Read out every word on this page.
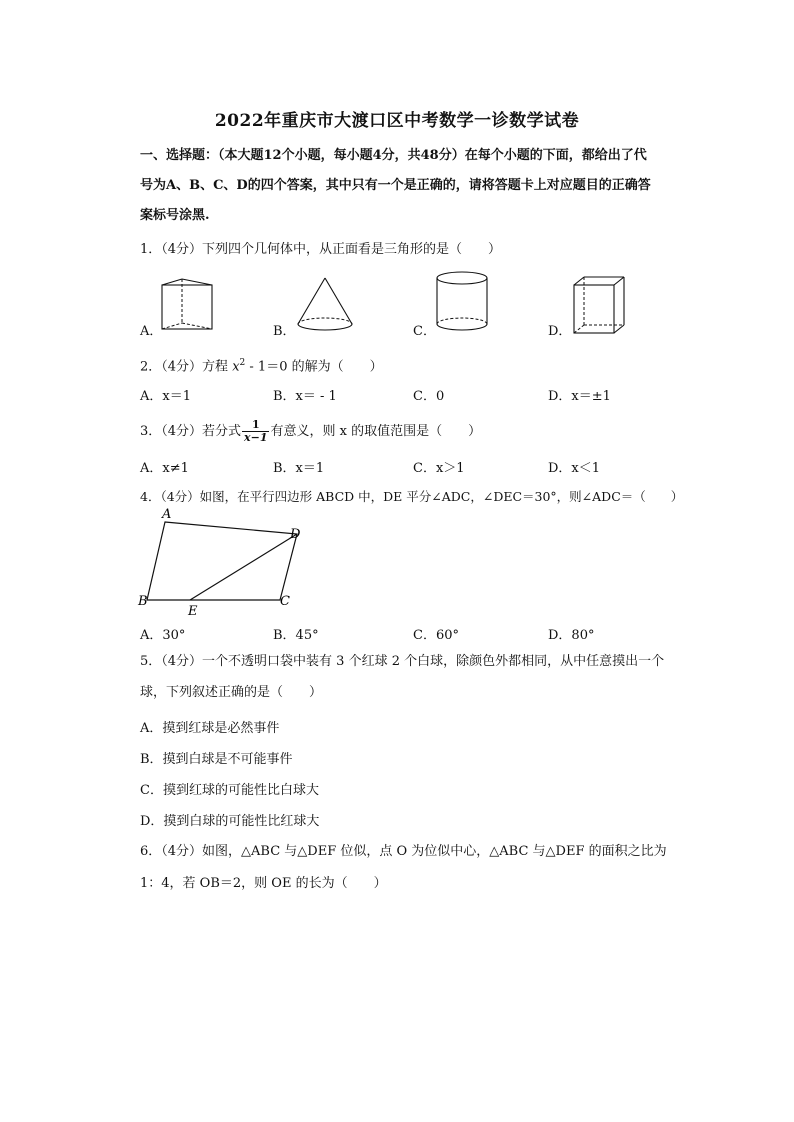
2022年重庆市大渡口区中考数学一诊数学试卷
一、选择题：（本大题12个小题，每小题4分，共48分）在每个小题的下面，都给出了代
号为A、B、C、D的四个答案，其中只有一个是正确的，请将答题卡上对应题目的正确答
案标号涂黑.
1．（4分）下列四个几何体中，从正面看是三角形的是（　　）
A．	B．	C．	D．
2．（4分）方程 $x^2 - 1=0$ 的解为（　　）
A．x＝1	B．x＝ - 1	C．0	D．x＝±1
3．（4分）若分式 $\frac{1}{x-1}$ 有意义，则 x 的取值范围是（　　）
A．x≠1	B．x＝1	C．x＞1	D．x＜1
4．（4分）如图，在平行四边形 ABCD 中，DE 平分∠ADC，∠DEC＝30°，则∠ADC＝（　　）
A
D
B	C
E
A．30°	B．45°	C．60°	D．80°
5．（4分）一个不透明口袋中装有 3 个红球 2 个白球，除颜色外都相同，从中任意摸出一个
球，下列叙述正确的是（　　）
A．摸到红球是必然事件
B．摸到白球是不可能事件
C．摸到红球的可能性比白球大
D．摸到白球的可能性比红球大
6．（4分）如图，△ABC 与△DEF 位似，点 O 为位似中心，△ABC 与△DEF 的面积之比为
1：4，若 OB＝2，则 OE 的长为（　　）
